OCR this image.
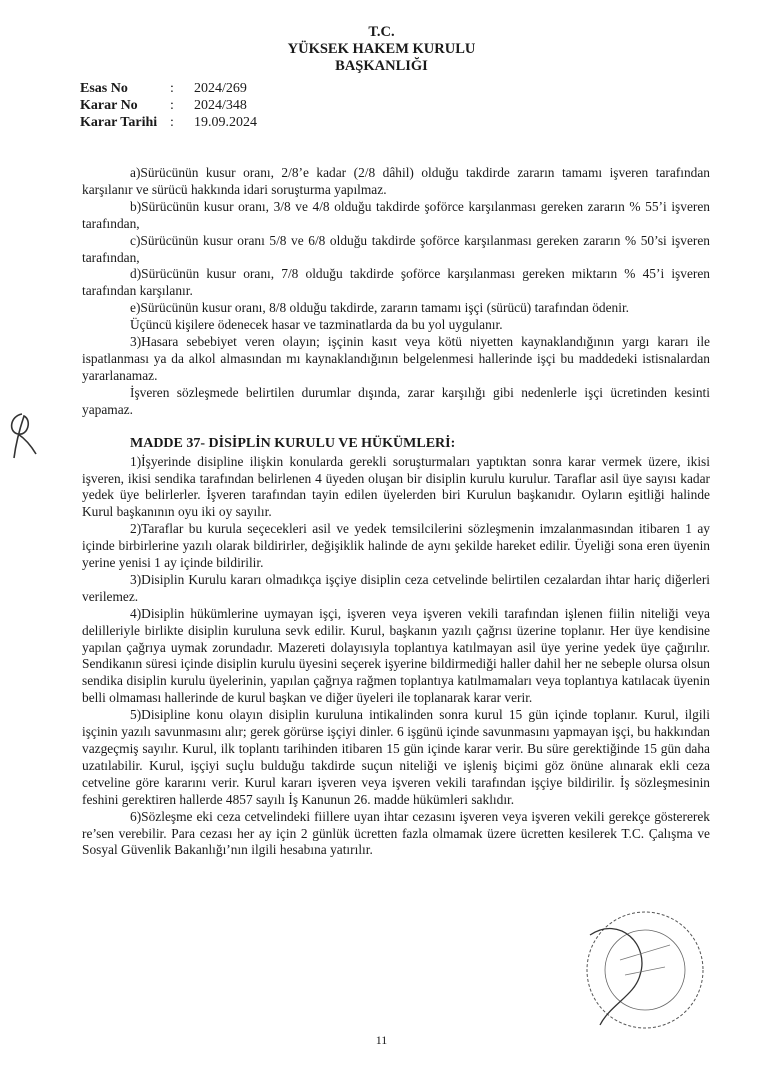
T.C.
YÜKSEK HAKEM KURULU
BAŞKANLIĞI
Esas No	:	2024/269
Karar No	:	2024/348
Karar Tarihi :	19.09.2024

a)Sürücünün kusur oranı, 2/8’e kadar (2/8 dâhil) olduğu takdirde zararın tamamı işveren tarafından karşılanır ve sürücü hakkında idari soruşturma yapılmaz.

b)Sürücünün kusur oranı, 3/8 ve 4/8 olduğu takdirde şoförce karşılanması gereken zararın % 55’i işveren tarafından,

c)Sürücünün kusur oranı 5/8 ve 6/8 olduğu takdirde şoförce karşılanması gereken zararın % 50’si işveren tarafından,

d)Sürücünün kusur oranı, 7/8 olduğu takdirde şoförce karşılanması gereken miktarın % 45’i işveren tarafından karşılanır.

e)Sürücünün kusur oranı, 8/8 olduğu takdirde, zararın tamamı işçi (sürücü) tarafından ödenir.

Üçüncü kişilere ödenecek hasar ve tazminatlarda da bu yol uygulanır.

3)Hasara sebebiyet veren olayın; işçinin kasıt veya kötü niyetten kaynaklandığının yargı kararı ile ispatlanması ya da alkol almasından mı kaynaklandığının belgelenmesi hallerinde işçi bu maddedeki istisnalardan yararlanamaz.

İşveren sözleşmede belirtilen durumlar dışında, zarar karşılığı gibi nedenlerle işçi ücretinden kesinti yapamaz.

MADDE 37- DİSİPLİN KURULU VE HÜKÜMLERİ:

1)İşyerinde disipline ilişkin konularda gerekli soruşturmaları yaptıktan sonra karar vermek üzere, ikisi işveren, ikisi sendika tarafından belirlenen 4 üyeden oluşan bir disiplin kurulu kurulur. Taraflar asil üye sayısı kadar yedek üye belirlerler. İşveren tarafından tayin edilen üyelerden biri Kurulun başkanıdır. Oyların eşitliği halinde Kurul başkanının oyu iki oy sayılır.

2)Taraflar bu kurula seçecekleri asil ve yedek temsilcilerini sözleşmenin imzalanmasından itibaren 1 ay içinde birbirlerine yazılı olarak bildirirler, değişiklik halinde de aynı şekilde hareket edilir. Üyeliği sona eren üyenin yerine yenisi 1 ay içinde bildirilir.

3)Disiplin Kurulu kararı olmadıkça işçiye disiplin ceza cetvelinde belirtilen cezalardan ihtar hariç diğerleri verilemez.

4)Disiplin hükümlerine uymayan işçi, işveren veya işveren vekili tarafından işlenen fiilin niteliği veya delilleriyle birlikte disiplin kuruluna sevk edilir. Kurul, başkanın yazılı çağrısı üzerine toplanır. Her üye kendisine yapılan çağrıya uymak zorundadır. Mazereti dolayısıyla toplantıya katılmayan asil üye yerine yedek üye çağırılır. Sendikanın süresi içinde disiplin kurulu üyesini seçerek işyerine bildirmediği haller dahil her ne sebeple olursa olsun sendika disiplin kurulu üyelerinin, yapılan çağrıya rağmen toplantıya katılmamaları veya toplantıya katılacak üyenin belli olmaması hallerinde de kurul başkan ve diğer üyeleri ile toplanarak karar verir.

5)Disipline konu olayın disiplin kuruluna intikalinden sonra kurul 15 gün içinde toplanır. Kurul, ilgili işçinin yazılı savunmasını alır; gerek görürse işçiyi dinler. 6 işgünü içinde savunmasını yapmayan işçi, bu hakkından vazgeçmiş sayılır. Kurul, ilk toplantı tarihinden itibaren 15 gün içinde karar verir. Bu süre gerektiğinde 15 gün daha uzatılabilir. Kurul, işçiyi suçlu bulduğu takdirde suçun niteliği ve işleniş biçimi göz önüne alınarak ekli ceza cetveline göre kararını verir. Kurul kararı işveren veya işveren vekili tarafından işçiye bildirilir. İş sözleşmesinin feshini gerektiren hallerde 4857 sayılı İş Kanunun 26. madde hükümleri saklıdır.

6)Sözleşme eki ceza cetvelindeki fiillere uyan ihtar cezasını işveren veya işveren vekili gerekçe göstererek re’sen verebilir. Para cezası her ay için 2 günlük ücretten fazla olmamak üzere ücretten kesilerek T.C. Çalışma ve Sosyal Güvenlik Bakanlığı’nın ilgili hesabına yatırılır.

11
